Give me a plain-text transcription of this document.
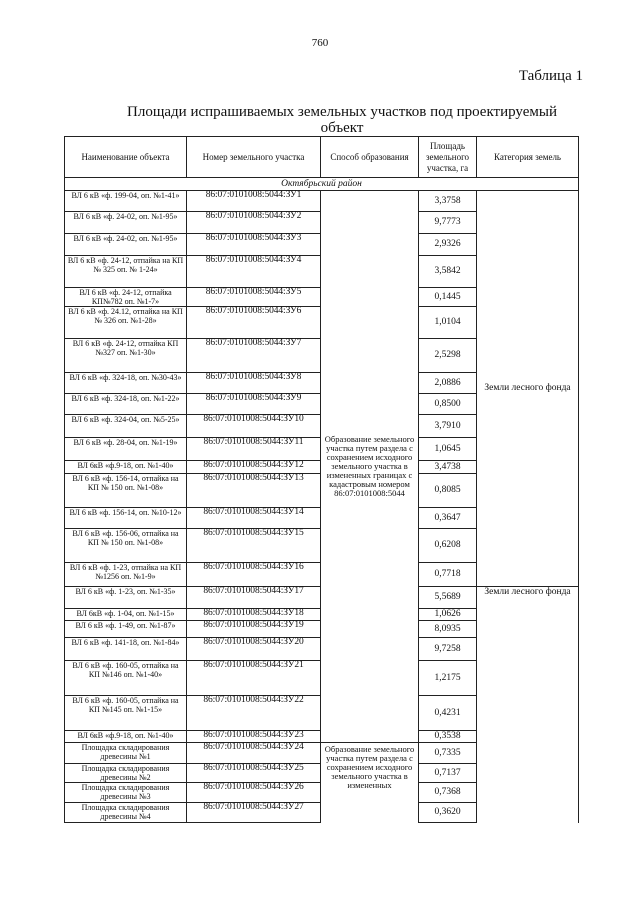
760
Таблица 1
Площади испрашиваемых земельных участков под проектируемый
объект
Наименование объекта	Номер земельного участка	Способ образования	Площадь земельного участка, га	Категория земель
Октябрьский район				
ВЛ 6 кВ «ф. 199-04, оп. №1-41»	86:07:0101008:5044:ЗУ1	Образование земельного участка путем раздела с сохранением исходного земельного участка в измененных границах с кадастровым номером 86:07:0101008:5044	3,3758	Земли лесного фонда
ВЛ 6 кВ «ф. 24-02, оп. №1-95»	86:07:0101008:5044:ЗУ2		9,7773	
ВЛ 6 кВ «ф. 24-02, оп. №1-95»	86:07:0101008:5044:ЗУ3		2,9326	
ВЛ 6 кВ «ф. 24-12, отпайка на КП № 325 оп. № 1-24»	86:07:0101008:5044:ЗУ4		3,5842	
ВЛ 6 кВ «ф. 24-12, отпайка КП№782 оп. №1-7»	86:07:0101008:5044:ЗУ5		0,1445	
ВЛ 6 кВ «ф. 24.12, отпайка на КП № 326 оп. №1-28»	86:07:0101008:5044:ЗУ6		1,0104	
ВЛ 6 кВ «ф. 24-12, отпайка КП №327 оп. №1-30»	86:07:0101008:5044:ЗУ7		2,5298	
ВЛ 6 кВ «ф. 324-18, оп. №30-43»	86:07:0101008:5044:ЗУ8		2,0886	
ВЛ 6 кВ «ф. 324-18, оп. №1-22»	86:07:0101008:5044:ЗУ9		0,8500	
ВЛ 6 кВ «ф. 324-04, оп. №5-25»	86:07:0101008:5044:ЗУ10		3,7910	
ВЛ 6 кВ «ф. 28-04, оп. №1-19»	86:07:0101008:5044:ЗУ11		1,0645	
ВЛ 6кВ «ф.9-18, оп. №1-40»	86:07:0101008:5044:ЗУ12		3,4738	
ВЛ 6 кВ «ф. 156-14, отпайка на КП № 150 оп. №1-08»	86:07:0101008:5044:ЗУ13		0,8085	
ВЛ 6 кВ «ф. 156-14, оп. №10-12»	86:07:0101008:5044:ЗУ14		0,3647	
ВЛ 6 кВ «ф. 156-06, отпайка на КП № 150 оп. №1-08»	86:07:0101008:5044:ЗУ15		0,6208	
ВЛ 6 кВ «ф. 1-23, отпайка на КП №1256 оп. №1-9»	86:07:0101008:5044:ЗУ16		0,7718	
ВЛ 6 кВ «ф. 1-23, оп. №1-35»	86:07:0101008:5044:ЗУ17		5,5689	Земли лесного фонда
ВЛ 6кВ «ф. 1-04, оп. №1-15»	86:07:0101008:5044:ЗУ18		1,0626	
ВЛ 6 кВ «ф. 1-49, оп. №1-87»	86:07:0101008:5044:ЗУ19		8,0935	
ВЛ 6 кВ «ф. 141-18, оп. №1-84»	86:07:0101008:5044:ЗУ20		9,7258	
ВЛ 6 кВ «ф. 160-05, отпайка на КП №146 оп. №1-40»	86:07:0101008:5044:ЗУ21		1,2175	
ВЛ 6 кВ «ф. 160-05, отпайка на КП №145 оп. №1-15»	86:07:0101008:5044:ЗУ22		0,4231	
ВЛ 6кВ «ф.9-18, оп. №1-40»	86:07:0101008:5044:ЗУ23		0,3538	
Площадка складирования древесины №1	86:07:0101008:5044:ЗУ24	Образование земельного участка путем раздела с сохранением исходного земельного участка в измененных	0,7335	
Площадка складирования древесины №2	86:07:0101008:5044:ЗУ25		0,7137	
Площадка складирования древесины №3	86:07:0101008:5044:ЗУ26		0,7368	
Площадка складирования древесины №4	86:07:0101008:5044:ЗУ27		0,3620	
